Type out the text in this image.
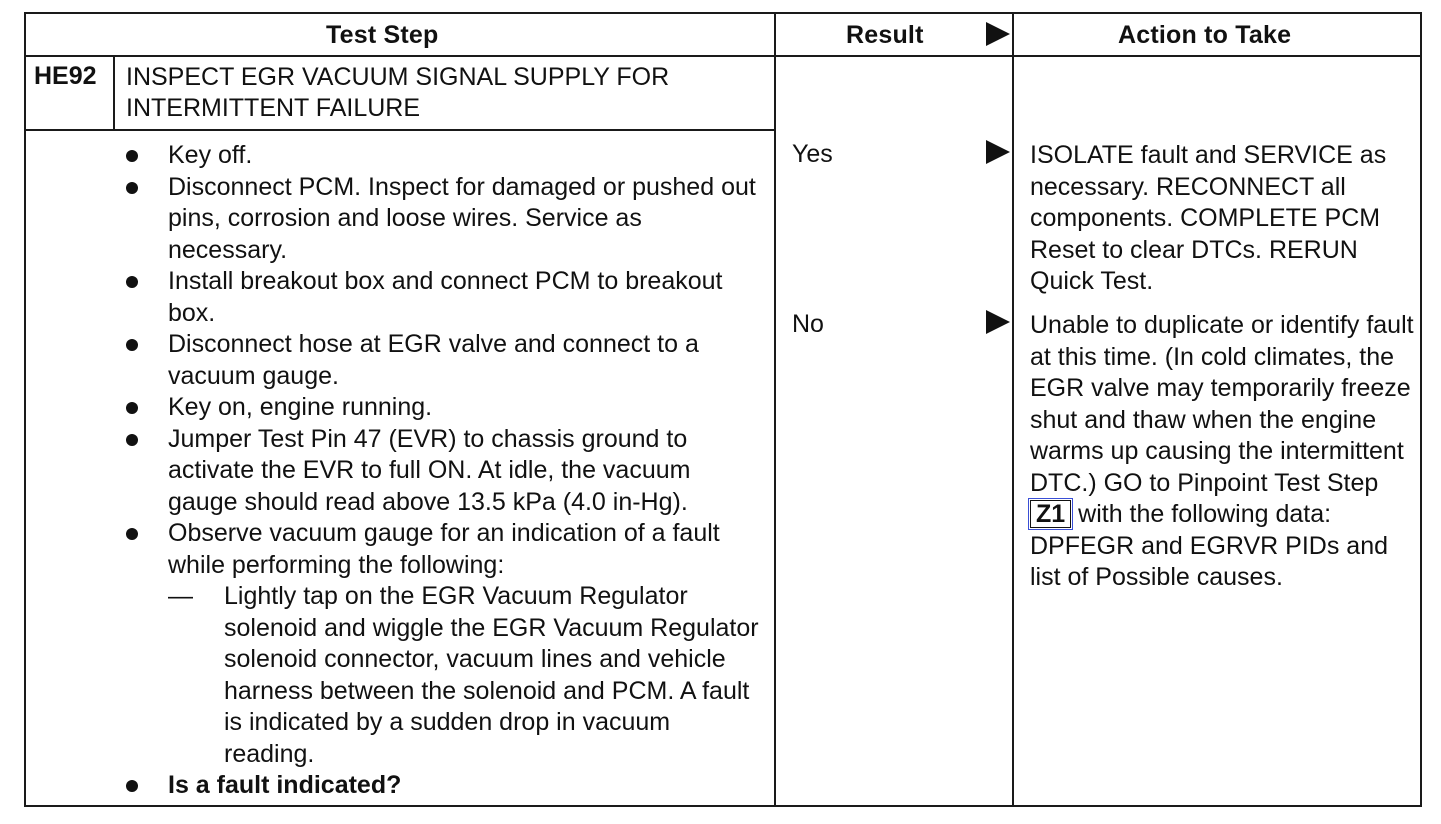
Test Step	Result	Action to Take
HE92 INSPECT EGR VACUUM SIGNAL SUPPLY FOR INTERMITTENT FAILURE
Key off.
Disconnect PCM. Inspect for damaged or pushed out pins, corrosion and loose wires. Service as necessary.
Install breakout box and connect PCM to breakout box.
Disconnect hose at EGR valve and connect to a vacuum gauge.
Key on, engine running.
Jumper Test Pin 47 (EVR) to chassis ground to activate the EVR to full ON. At idle, the vacuum gauge should read above 13.5 kPa (4.0 in-Hg).
Observe vacuum gauge for an indication of a fault while performing the following:
— Lightly tap on the EGR Vacuum Regulator solenoid and wiggle the EGR Vacuum Regulator solenoid connector, vacuum lines and vehicle harness between the solenoid and PCM. A fault is indicated by a sudden drop in vacuum reading.
Is a fault indicated?
Yes	ISOLATE fault and SERVICE as necessary. RECONNECT all components. COMPLETE PCM Reset to clear DTCs. RERUN Quick Test.
No	Unable to duplicate or identify fault at this time. (In cold climates, the EGR valve may temporarily freeze shut and thaw when the engine warms up causing the intermittent DTC.) GO to Pinpoint Test Step Z1 with the following data: DPFEGR and EGRVR PIDs and list of Possible causes.
